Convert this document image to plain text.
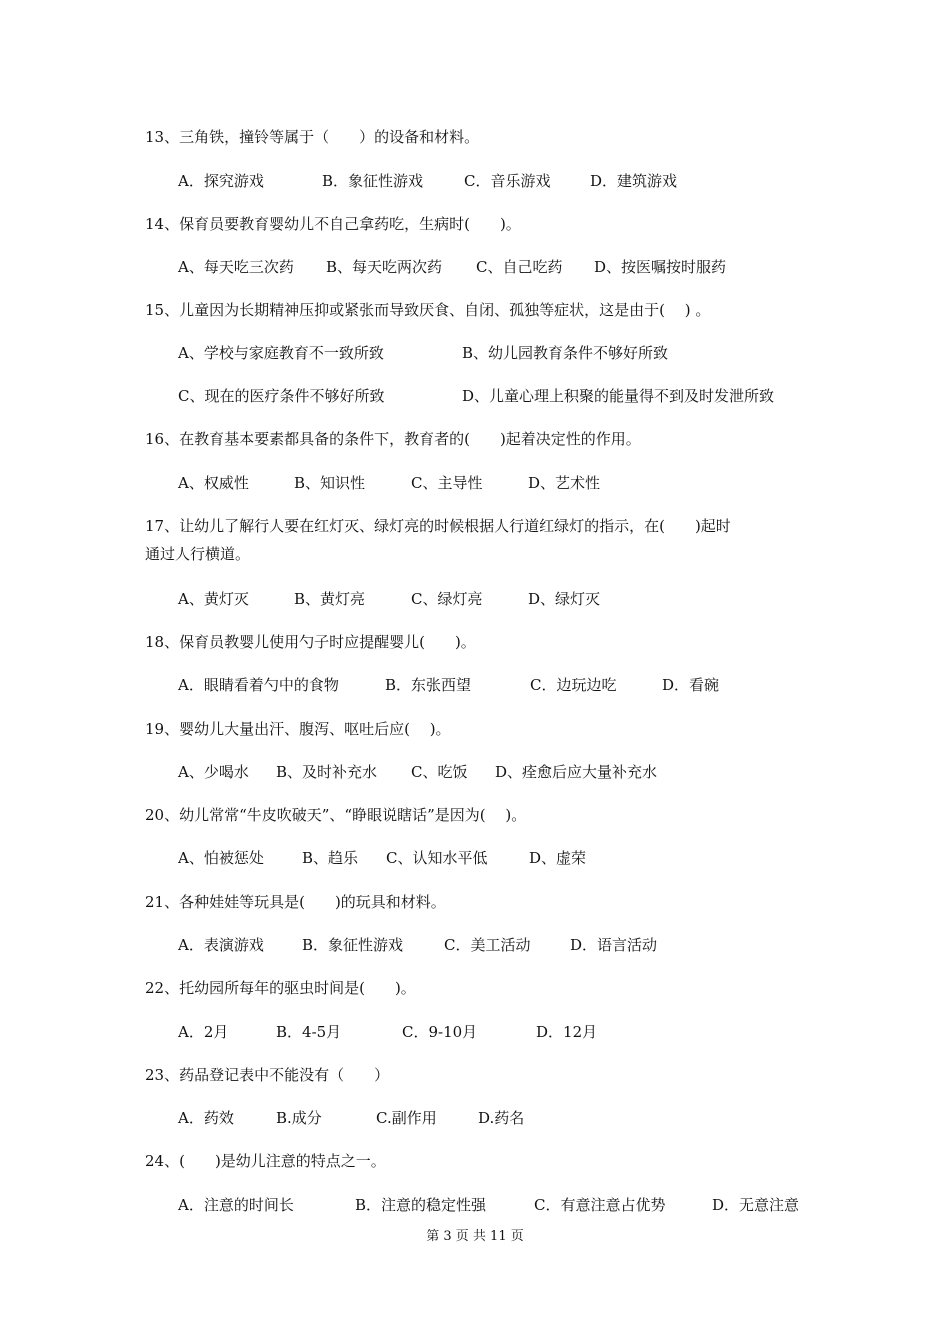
13、三角铁，撞铃等属于（　　）的设备和材料。
A．探究游戏	B．象征性游戏	C．音乐游戏	D．建筑游戏
14、保育员要教育婴幼儿不自己拿药吃，生病时(　　)。
A、每天吃三次药 B、每天吃两次药 C、自己吃药 D、按医嘱按时服药
15、儿童因为长期精神压抑或紧张而导致厌食、自闭、孤独等症状，这是由于(　 ) 。
A、学校与家庭教育不一致所致	B、幼儿园教育条件不够好所致
C、现在的医疗条件不够好所致	D、儿童心理上积聚的能量得不到及时发泄所致
16、在教育基本要素都具备的条件下，教育者的(　　)起着决定性的作用。
A、权威性	B、知识性	C、主导性	D、艺术性
17、让幼儿了解行人要在红灯灭、绿灯亮的时候根据人行道红绿灯的指示，在(　　)起时
通过人行横道。
A、黄灯灭	B、黄灯亮	C、绿灯亮	D、绿灯灭
18、保育员教婴儿使用勺子时应提醒婴儿(　　)。
A．眼睛看着勺中的食物	B．东张西望	C．边玩边吃	D．看碗
19、婴幼儿大量出汗、腹泻、呕吐后应(　 )。
A、少喝水 B、及时补充水 C、吃饭 D、痊愈后应大量补充水
20、幼儿常常“牛皮吹破天”、“睁眼说瞎话”是因为(　 )。
A、怕被惩处	B、趋乐 C、认知水平低	D、虚荣
21、各种娃娃等玩具是(　　)的玩具和材料。
A．表演游戏	B．象征性游戏	C．美工活动	D．语言活动
22、托幼园所每年的驱虫时间是(　　)。
A．2月	B．4-5月	C．9-10月	D．12月
23、药品登记表中不能没有（　　）
A．药效	B.成分	C.副作用	D.药名
24、(　　)是幼儿注意的特点之一。
A．注意的时间长	B．注意的稳定性强	C．有意注意占优势	D．无意注意
第 3 页 共 11 页
